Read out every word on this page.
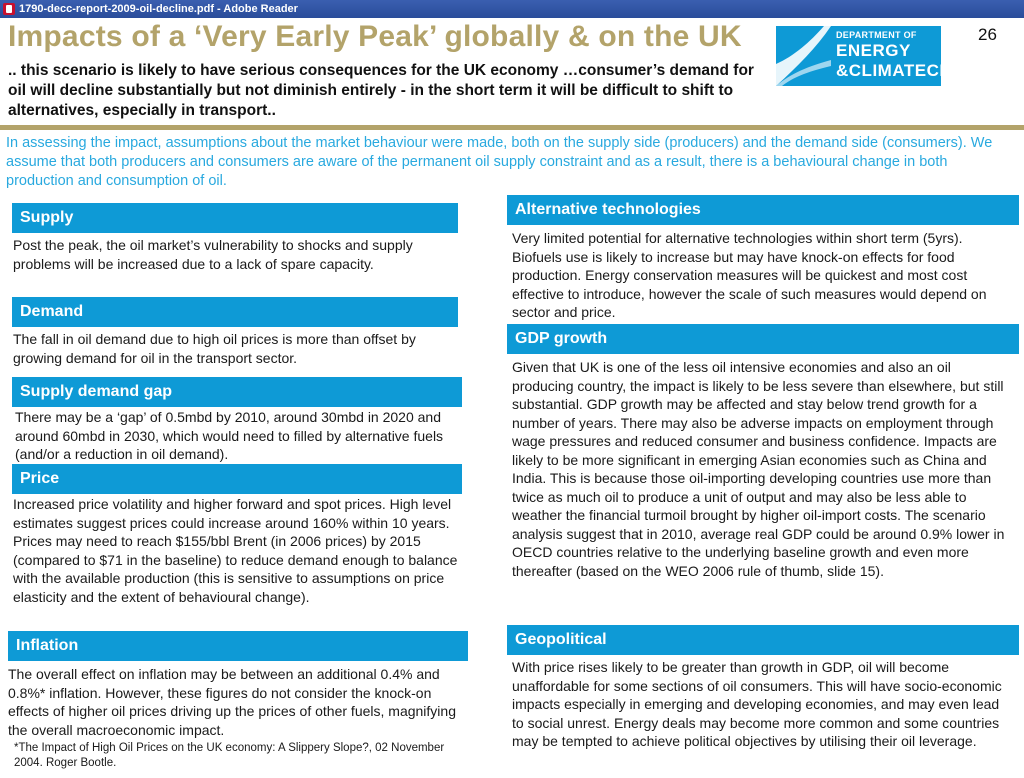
1790-decc-report-2009-oil-decline.pdf - Adobe Reader
Impacts of a ‘Very Early Peak’ globally & on the UK
.. this scenario is likely to have serious consequences for the UK economy …consumer’s demand for oil will decline substantially but not diminish entirely - in the short term it will be difficult to shift to alternatives, especially in transport..
DEPARTMENT OF
ENERGY
&CLIMATECHANGE
26
In assessing the impact, assumptions about the market behaviour were made, both on the supply side (producers) and the demand side (consumers). We assume that both producers and consumers are aware of the permanent oil supply constraint and as a result, there is a behavioural change in both production and consumption of oil.
Supply
Post the peak, the oil market’s vulnerability to shocks and supply problems will be increased due to a lack of spare capacity.
Demand
The fall in oil demand due to high oil prices is more than offset by growing demand for oil in the transport sector.
Supply demand gap
There may be a ‘gap’ of 0.5mbd by 2010, around 30mbd in 2020 and around 60mbd in 2030, which would need to filled by alternative fuels (and/or a reduction in oil demand).
Price
Increased price volatility and higher forward and spot prices. High level estimates suggest prices could increase around 160% within 10 years. Prices may need to reach $155/bbl Brent (in 2006 prices) by 2015 (compared to $71 in the baseline) to reduce demand enough to balance with the available production (this is sensitive to assumptions on price elasticity and the extent of behavioural change).
Inflation
The overall effect on inflation may be between an additional 0.4% and 0.8%* inflation. However, these figures do not consider the knock-on effects of higher oil prices driving up the prices of other fuels, magnifying the overall macroeconomic impact.
*The Impact of High Oil Prices on the UK economy: A Slippery Slope?, 02 November 2004. Roger Bootle.
Alternative technologies
Very limited potential for alternative technologies within short term (5yrs). Biofuels use is likely to increase but may have knock-on effects for food production. Energy conservation measures will be quickest and most cost effective to introduce, however the scale of such measures would depend on sector and price.
GDP growth
Given that UK is one of the less oil intensive economies and also an oil producing country, the impact is likely to be less severe than elsewhere, but still substantial. GDP growth may be affected and stay below trend growth for a number of years. There may also be adverse impacts on employment through wage pressures and reduced consumer and business confidence. Impacts are likely to be more significant in emerging Asian economies such as China and India. This is because those oil-importing developing countries use more than twice as much oil to produce a unit of output and may also be less able to weather the financial turmoil brought by higher oil-import costs. The scenario analysis suggest that in 2010, average real GDP could be around 0.9% lower in OECD countries relative to the underlying baseline growth and even more thereafter (based on the WEO 2006 rule of thumb, slide 15).
Geopolitical
With price rises likely to be greater than growth in GDP, oil will become unaffordable for some sections of oil consumers. This will have socio-economic impacts especially in emerging and developing economies, and may even lead to social unrest. Energy deals may become more common and some countries may be tempted to achieve political objectives by utilising their oil leverage.
